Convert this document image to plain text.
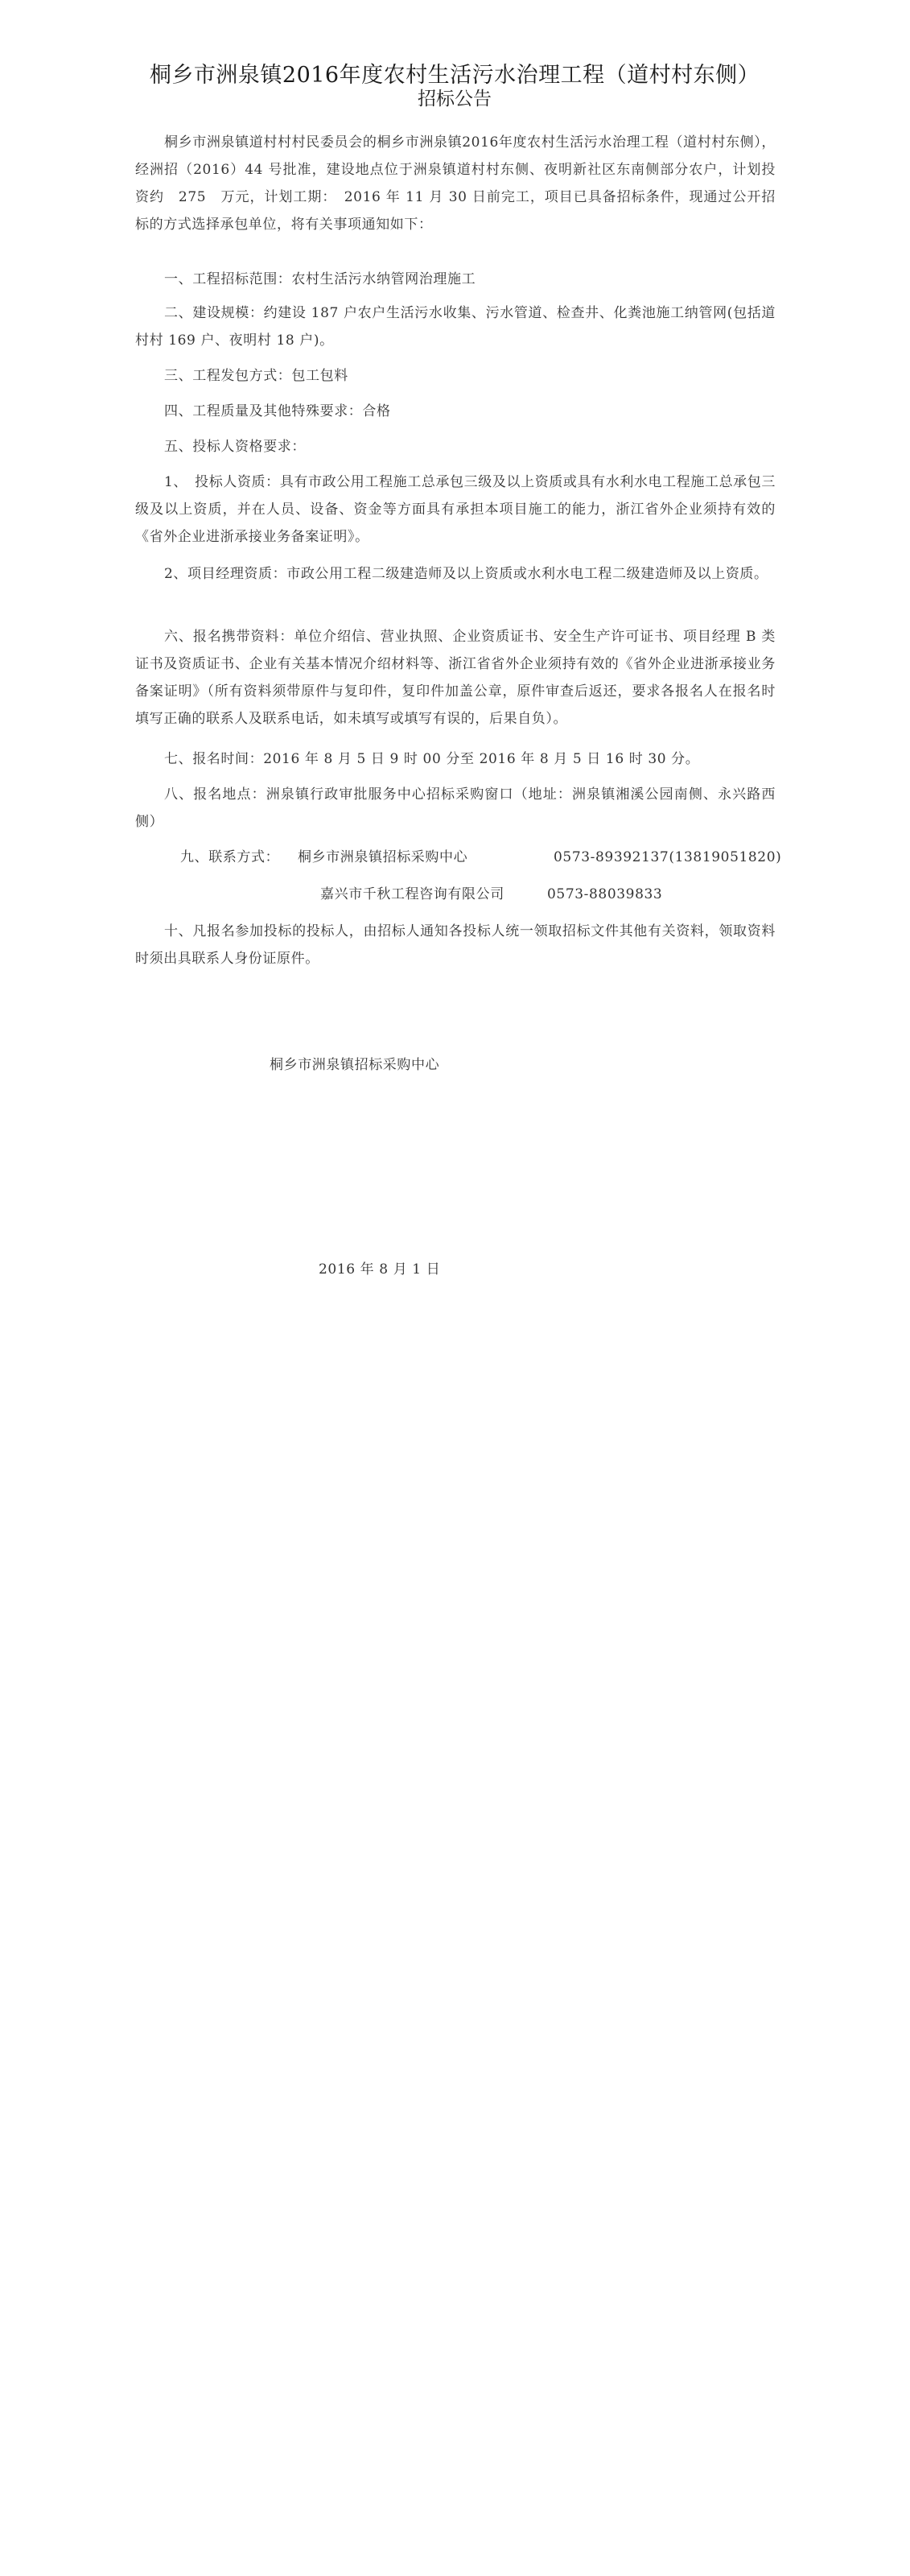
桐乡市洲泉镇2016年度农村生活污水治理工程（道村村东侧）
招标公告
桐乡市洲泉镇道村村村民委员会的桐乡市洲泉镇2016年度农村生活污水治理工程（道村村东侧），经洲招（2016）44 号批准，建设地点位于洲泉镇道村村东侧、夜明新社区东南侧部分农户，计划投资约　275　万元，计划工期：　2016 年 11 月 30 日前完工，项目已具备招标条件，现通过公开招标的方式选择承包单位，将有关事项通知如下：
一、工程招标范围：农村生活污水纳管网治理施工
二、建设规模：约建设 187 户农户生活污水收集、污水管道、检查井、化粪池施工纳管网(包括道村村 169 户、夜明村 18 户)。
三、工程发包方式：包工包料
四、工程质量及其他特殊要求：合格
五、投标人资格要求：
1、　投标人资质：具有市政公用工程施工总承包三级及以上资质或具有水利水电工程施工总承包三级及以上资质，并在人员、设备、资金等方面具有承担本项目施工的能力，浙江省外企业须持有效的《省外企业进浙承接业务备案证明》。
2、项目经理资质：市政公用工程二级建造师及以上资质或水利水电工程二级建造师及以上资质。
六、报名携带资料：单位介绍信、营业执照、企业资质证书、安全生产许可证书、项目经理 B 类证书及资质证书、企业有关基本情况介绍材料等、浙江省省外企业须持有效的《省外企业进浙承接业务备案证明》（所有资料须带原件与复印件，复印件加盖公章，原件审查后返还，要求各报名人在报名时填写正确的联系人及联系电话，如未填写或填写有误的，后果自负）。
七、报名时间：2016 年 8 月 5 日 9 时 00 分至 2016 年 8 月 5 日 16 时 30 分。
八、报名地点：洲泉镇行政审批服务中心招标采购窗口（地址：洲泉镇湘溪公园南侧、永兴路西侧）
九、联系方式： 桐乡市洲泉镇招标采购中心	0573-89392137(13819051820)
嘉兴市千秋工程咨询有限公司	0573-88039833
十、凡报名参加投标的投标人，由招标人通知各投标人统一领取招标文件其他有关资料，领取资料时须出具联系人身份证原件。
桐乡市洲泉镇招标采购中心
2016 年 8 月 1 日
